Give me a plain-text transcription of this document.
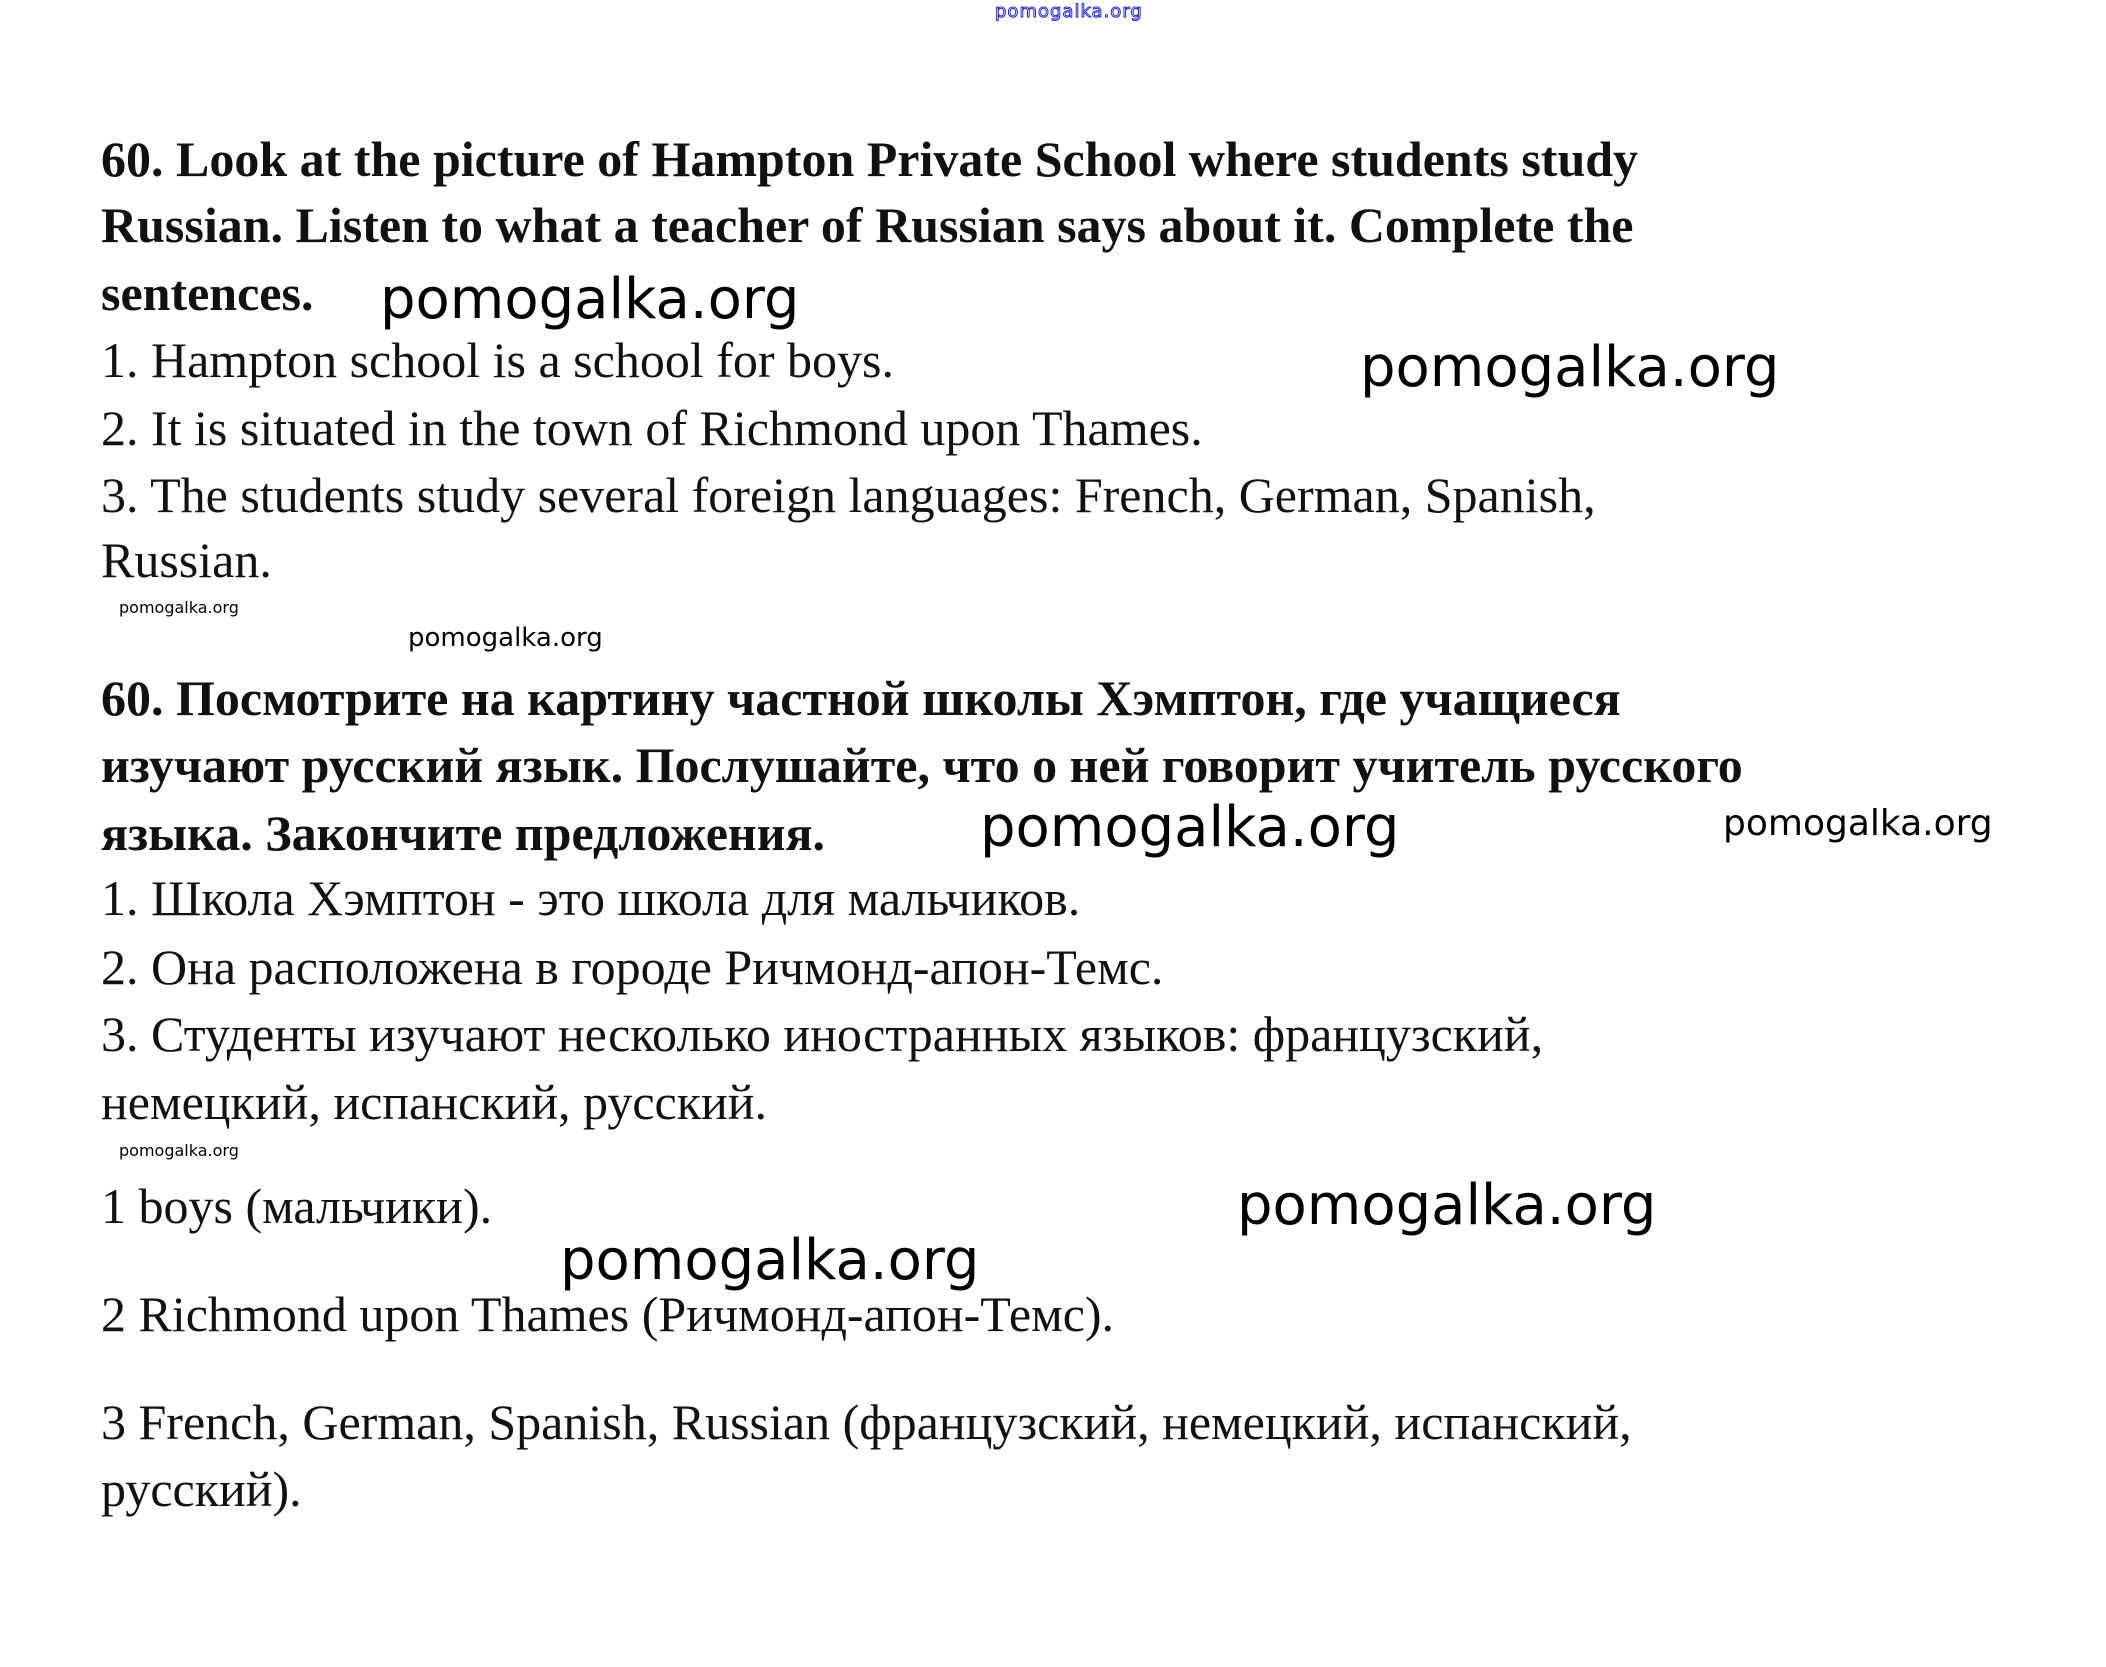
pomogalka.org
60. Look at the picture of Hampton Private School where students study
Russian. Listen to what a teacher of Russian says about it. Complete the
sentences.
1. Hampton school is a school for boys.
2. It is situated in the town of Richmond upon Thames.
3. The students study several foreign languages: French, German, Spanish,
Russian.
60. Посмотрите на картину частной школы Хэмптон, где учащиеся
изучают русский язык. Послушайте, что о ней говорит учитель русского
языка. Закончите предложения.
1. Школа Хэмптон - это школа для мальчиков.
2. Она расположена в городе Ричмонд-апон-Темс.
3. Студенты изучают несколько иностранных языков: французский,
немецкий, испанский, русский.
1 boys (мальчики).
2 Richmond upon Thames (Ричмонд-апон-Темс).
3 French, German, Spanish, Russian (французский, немецкий, испанский,
русский).
pomogalka.org
pomogalka.org
pomogalka.org
pomogalka.org
pomogalka.org	pomogalka.org
pomogalka.org
pomogalka.org
pomogalka.org
